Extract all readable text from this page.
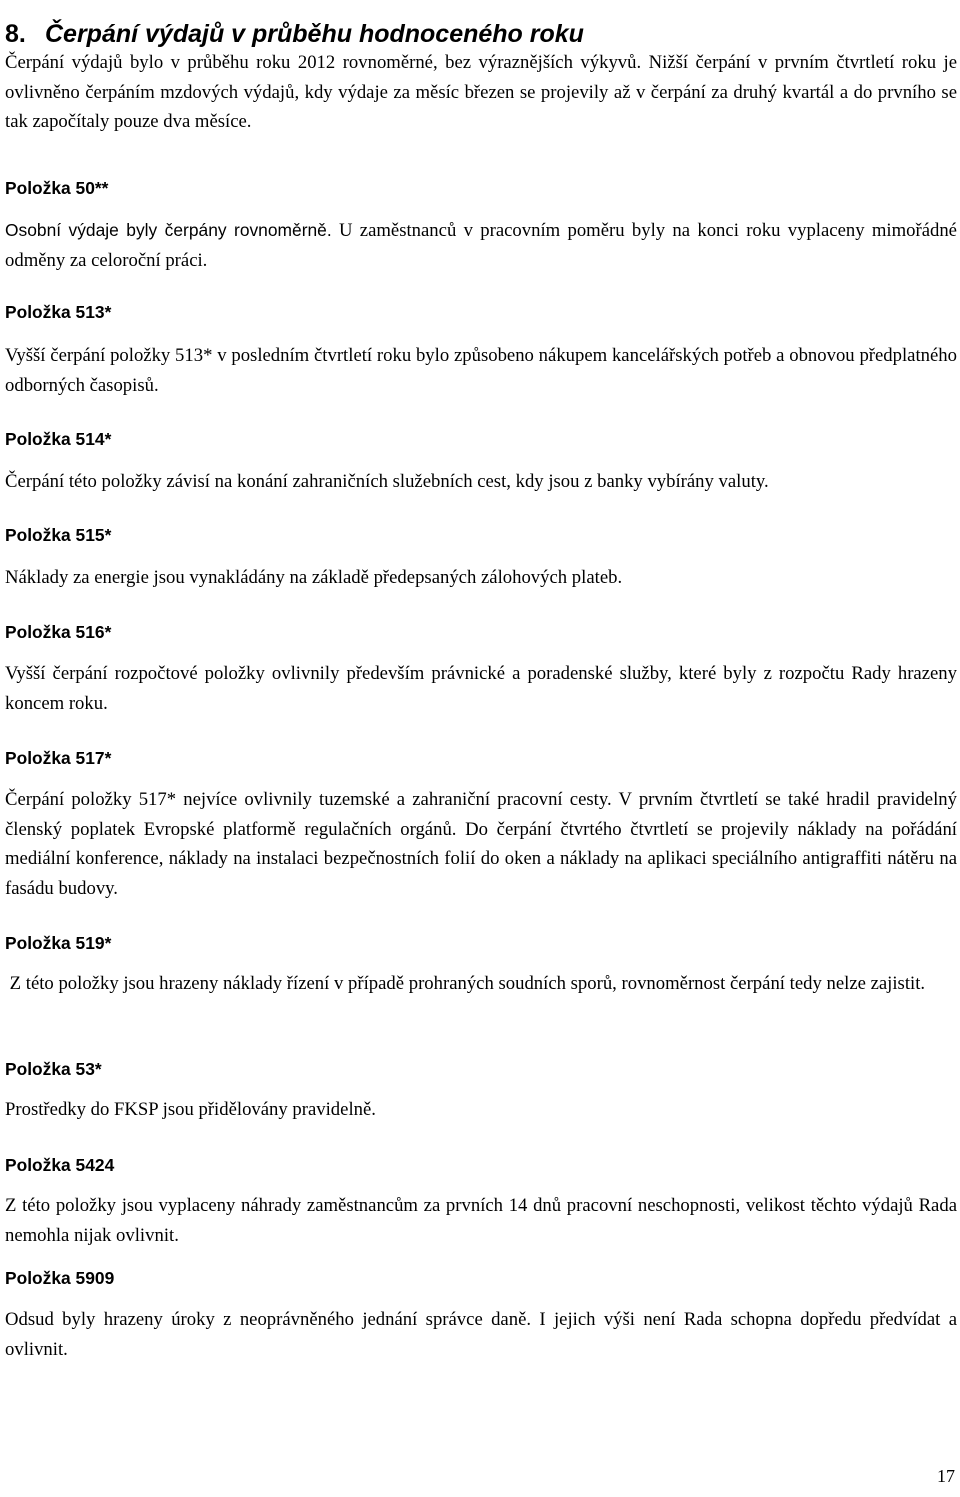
8. Čerpání výdajů v průběhu hodnoceného roku

Čerpání výdajů bylo v průběhu roku 2012 rovnoměrné, bez výraznějších výkyvů. Nižší čerpání v prvním čtvrtletí roku je ovlivněno čerpáním mzdových výdajů, kdy výdaje za měsíc březen se projevily až v čerpání za druhý kvartál a do prvního se tak započítaly pouze dva měsíce.

Položka 50**

Osobní výdaje byly čerpány rovnoměrně. U zaměstnanců v pracovním poměru byly na konci roku vyplaceny mimořádné odměny za celoroční práci.

Položka 513*

Vyšší čerpání položky 513* v posledním čtvrtletí roku bylo způsobeno nákupem kancelářských potřeb a obnovou předplatného odborných časopisů.

Položka 514*

Čerpání této položky závisí na konání zahraničních služebních cest, kdy jsou z banky vybírány valuty.

Položka 515*

Náklady za energie jsou vynakládány na základě předepsaných zálohových plateb.

Položka 516*

Vyšší čerpání rozpočtové položky ovlivnily především právnické a poradenské služby, které byly z rozpočtu Rady hrazeny koncem roku.

Položka 517*

Čerpání položky 517* nejvíce ovlivnily tuzemské a zahraniční pracovní cesty. V prvním čtvrtletí se také hradil pravidelný členský poplatek Evropské platformě regulačních orgánů. Do čerpání čtvrtého čtvrtletí se projevily náklady na pořádání mediální konference, náklady na instalaci bezpečnostních folií do oken a náklady na aplikaci speciálního antigraffiti nátěru na fasádu budovy.

Položka 519*

Z této položky jsou hrazeny náklady řízení v případě prohraných soudních sporů, rovnoměrnost čerpání tedy nelze zajistit.

Položka 53*

Prostředky do FKSP jsou přidělovány pravidelně.

Položka 5424

Z této položky jsou vyplaceny náhrady zaměstnancům za prvních 14 dnů pracovní neschopnosti, velikost těchto výdajů Rada nemohla nijak ovlivnit.

Položka 5909

Odsud byly hrazeny úroky z neoprávněného jednání správce daně. I jejich výši není Rada schopna dopředu předvídat a ovlivnit.

17
